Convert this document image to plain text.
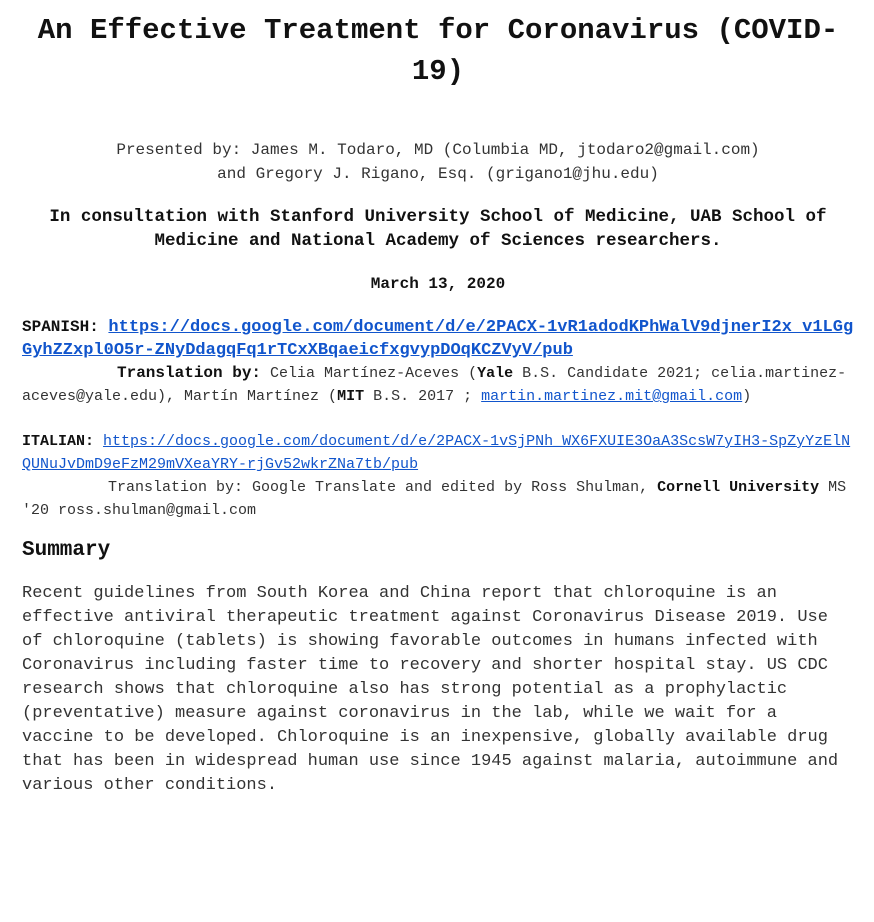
An Effective Treatment for Coronavirus (COVID-19)
Presented by: James M. Todaro, MD (Columbia MD, jtodaro2@gmail.com)
and Gregory J. Rigano, Esq. (grigano1@jhu.edu)
In consultation with Stanford University School of Medicine, UAB School of Medicine and National Academy of Sciences researchers.
March 13, 2020
SPANISH: https://docs.google.com/document/d/e/2PACX-1vR1adodKPhWalV9djnerI2x_v1LGgGyhZZxpl0O5r-ZNyDdagqFq1rTCxXBqaeicfxgvypDOqKCZVyV/pub
Translation by: Celia Martínez-Aceves (Yale B.S. Candidate 2021; celia.martinez-aceves@yale.edu), Martín Martínez (MIT B.S. 2017 ; martin.martinez.mit@gmail.com)
ITALIAN: https://docs.google.com/document/d/e/2PACX-1vSjPNh_WX6FXUIE3OaA3ScsW7yIH3-SpZyYzElNQUNuJvDmD9eFzM29mVXeaYRY-rjGv52wkrZNa7tb/pub
Translation by: Google Translate and edited by Ross Shulman, Cornell University MS '20 ross.shulman@gmail.com
Summary

Recent guidelines from South Korea and China report that chloroquine is an effective antiviral therapeutic treatment against Coronavirus Disease 2019. Use of chloroquine (tablets) is showing favorable outcomes in humans infected with Coronavirus including faster time to recovery and shorter hospital stay. US CDC research shows that chloroquine also has strong potential as a prophylactic (preventative) measure against coronavirus in the lab, while we wait for a vaccine to be developed. Chloroquine is an inexpensive, globally available drug that has been in widespread human use since 1945 against malaria, autoimmune and various other conditions.
